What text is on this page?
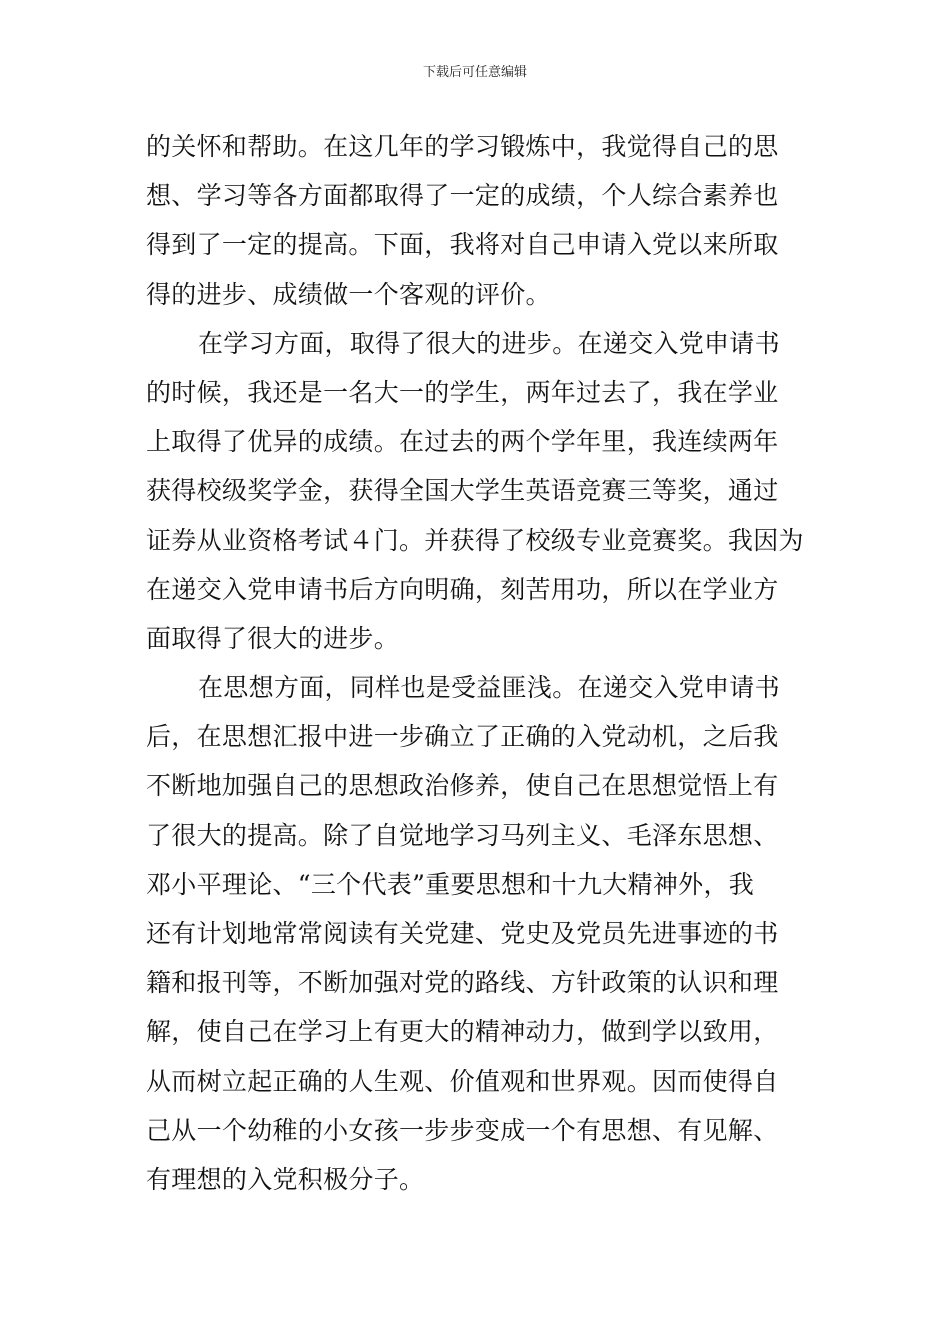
下载后可任意编辑
的关怀和帮助。在这几年的学习锻炼中，我觉得自己的思
想、学习等各方面都取得了一定的成绩，个人综合素养也
得到了一定的提高。下面，我将对自己申请入党以来所取
得的进步、成绩做一个客观的评价。
在学习方面，取得了很大的进步。在递交入党申请书
的时候，我还是一名大一的学生，两年过去了，我在学业
上取得了优异的成绩。在过去的两个学年里，我连续两年
获得校级奖学金，获得全国大学生英语竞赛三等奖，通过
证券从业资格考试４门。并获得了校级专业竞赛奖。我因为
在递交入党申请书后方向明确，刻苦用功，所以在学业方
面取得了很大的进步。
在思想方面，同样也是受益匪浅。在递交入党申请书
后，在思想汇报中进一步确立了正确的入党动机，之后我
不断地加强自己的思想政治修养，使自己在思想觉悟上有
了很大的提高。除了自觉地学习马列主义、毛泽东思想、
邓小平理论、“三个代表”重要思想和十九大精神外，我
还有计划地常常阅读有关党建、党史及党员先进事迹的书
籍和报刊等，不断加强对党的路线、方针政策的认识和理
解，使自己在学习上有更大的精神动力，做到学以致用，
从而树立起正确的人生观、价值观和世界观。因而使得自
己从一个幼稚的小女孩一步步变成一个有思想、有见解、
有理想的入党积极分子。
